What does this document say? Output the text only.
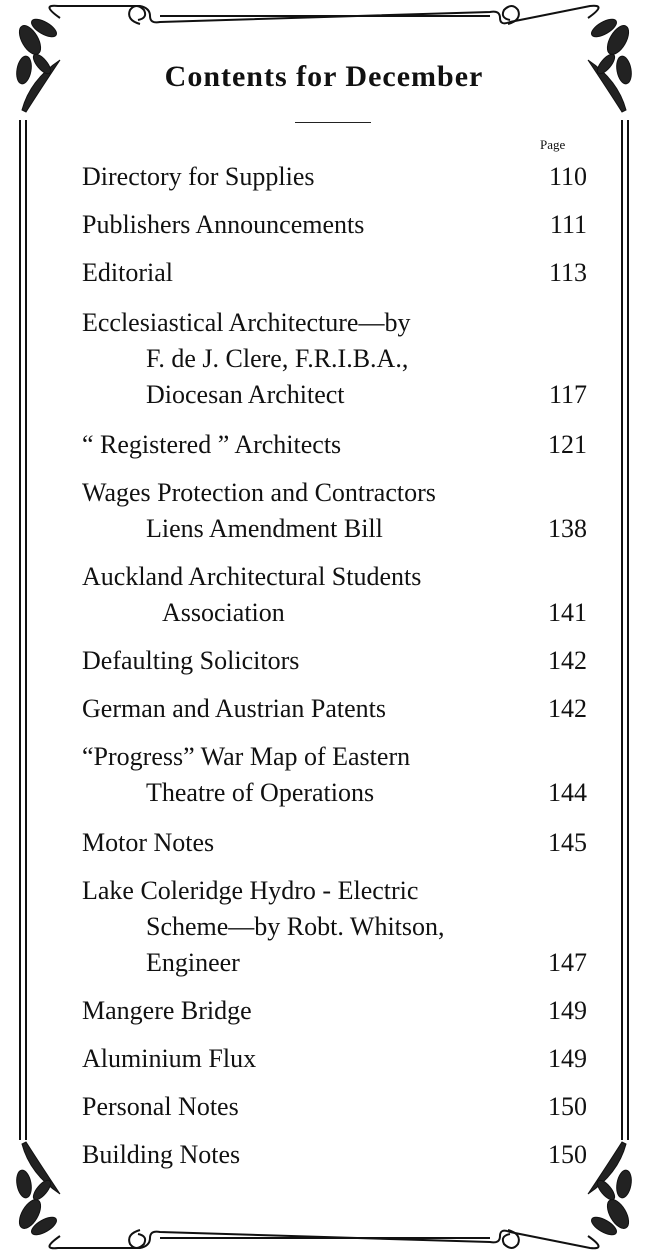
Contents for December
Page
Directory for Supplies	110
Publishers Announcements	111
Editorial	113
Ecclesiastical Architecture—by
F. de J. Clere, F.R.I.B.A.,
Diocesan Architect	117
“ Registered ” Architects	121
Wages Protection and Contractors
Liens Amendment Bill	138
Auckland Architectural Students
Association	141
Defaulting Solicitors	142
German and Austrian Patents	142
“Progress” War Map of Eastern
Theatre of Operations	144
Motor Notes	145
Lake Coleridge Hydro - Electric
Scheme—by Robt. Whitson,
Engineer	147
Mangere Bridge	149
Aluminium Flux	149
Personal Notes	150
Building Notes	150
